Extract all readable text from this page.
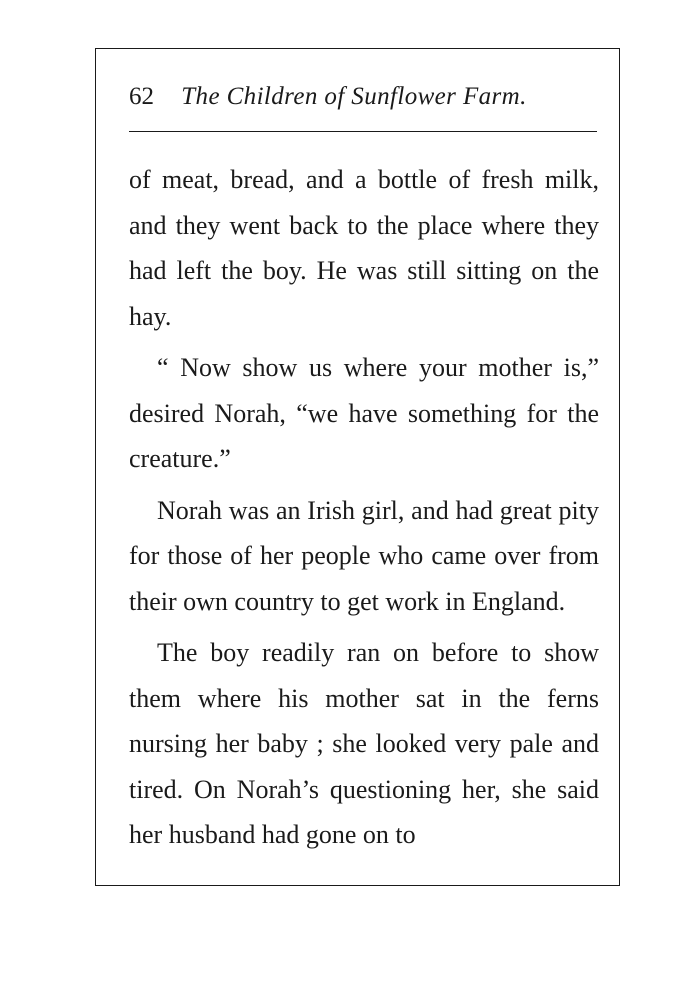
62 The Children of Sunflower Farm.

of meat, bread, and a bottle of fresh milk, and they went back to the place where they had left the boy. He was still sitting on the hay.

“ Now show us where your mother is,” desired Norah, “we have something for the creature.”

Norah was an Irish girl, and had great pity for those of her people who came over from their own country to get work in England.

The boy readily ran on before to show them where his mother sat in the ferns nursing her baby ; she looked very pale and tired. On Norah’s questioning her, she said her husband had gone on to
